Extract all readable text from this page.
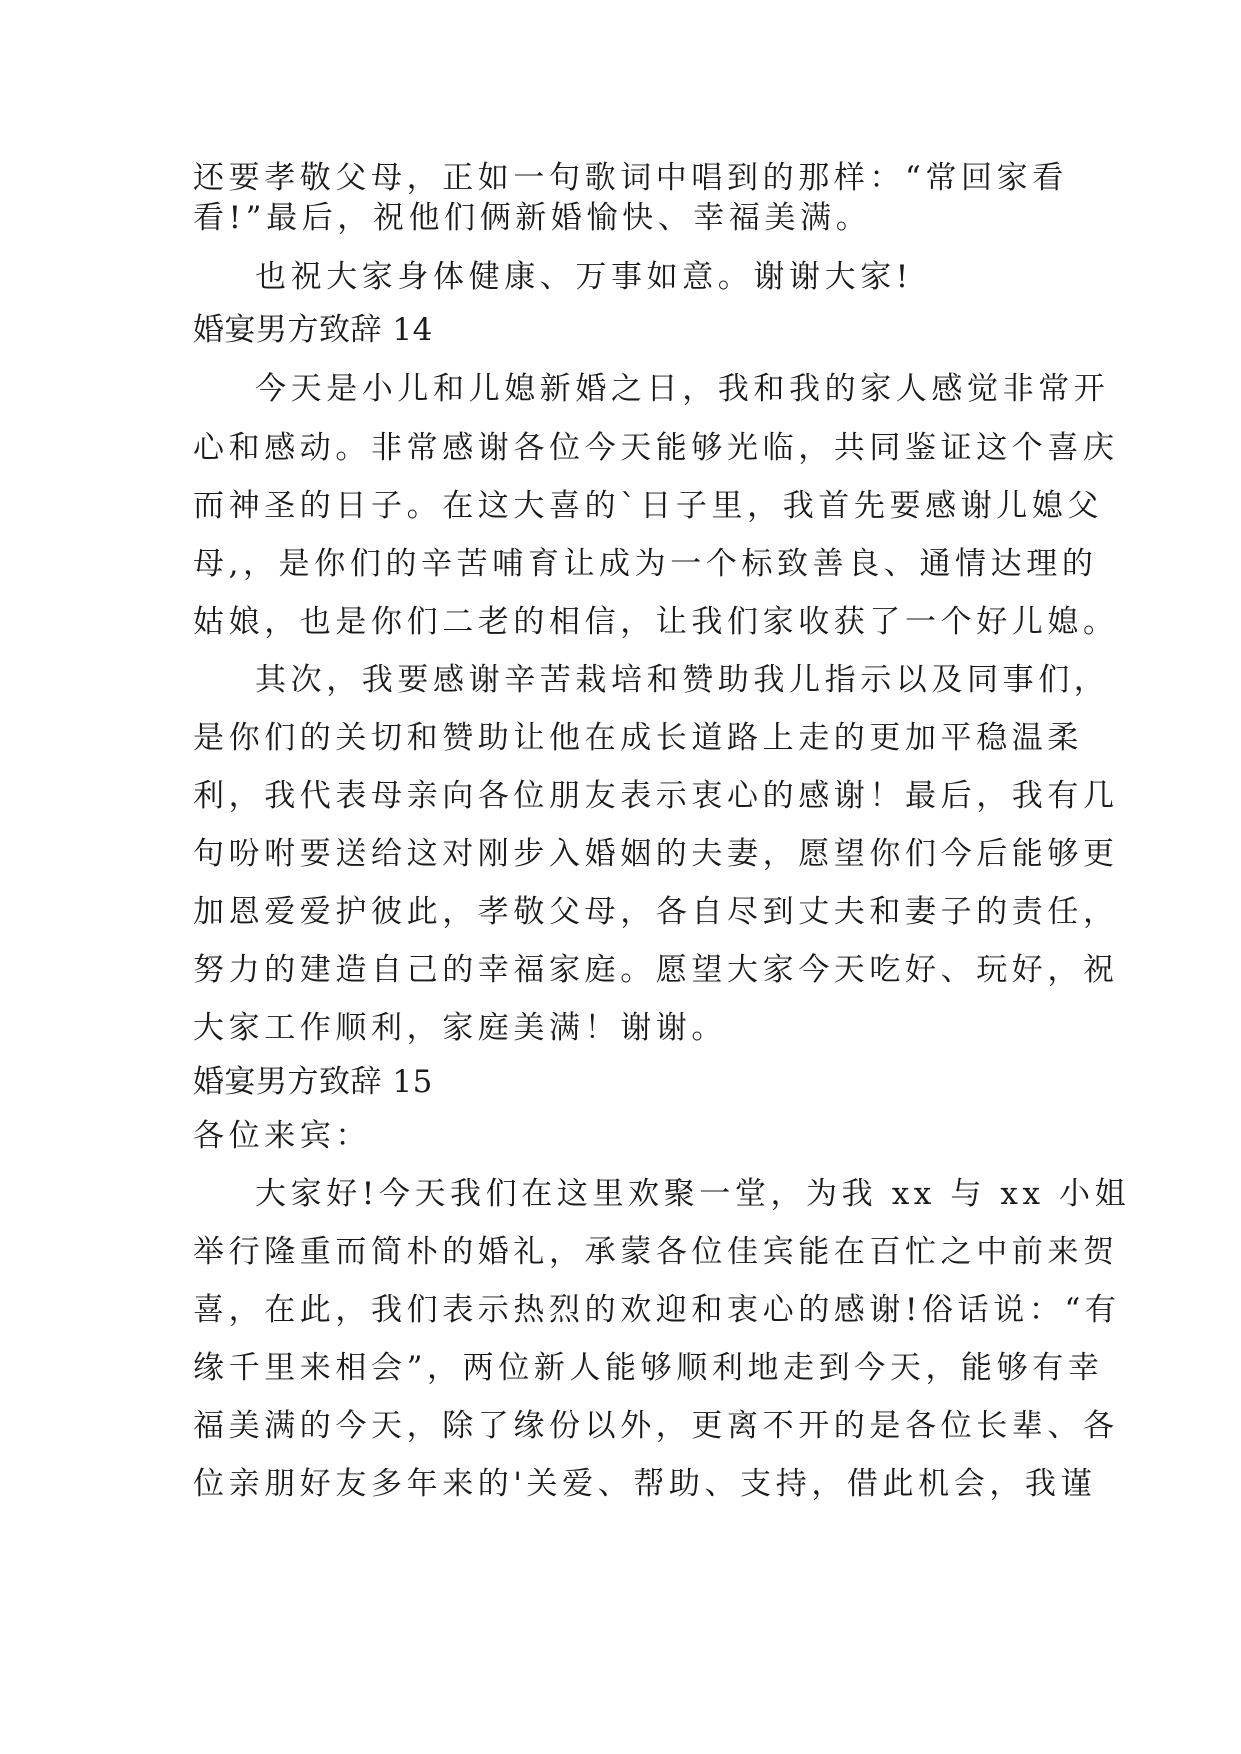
还要孝敬父母，正如一句歌词中唱到的那样：“常回家看
看!”最后，祝他们俩新婚愉快、幸福美满。
也祝大家身体健康、万事如意。谢谢大家!
婚宴男方致辞 14
今天是小儿和儿媳新婚之日，我和我的家人感觉非常开
心和感动。非常感谢各位今天能够光临，共同鉴证这个喜庆
而神圣的日子。在这大喜的`日子里，我首先要感谢儿媳父
母,，是你们的辛苦哺育让成为一个标致善良、通情达理的
姑娘，也是你们二老的相信，让我们家收获了一个好儿媳。
其次，我要感谢辛苦栽培和赞助我儿指示以及同事们，
是你们的关切和赞助让他在成长道路上走的更加平稳温柔
利，我代表母亲向各位朋友表示衷心的感谢！最后，我有几
句吩咐要送给这对刚步入婚姻的夫妻，愿望你们今后能够更
加恩爱爱护彼此，孝敬父母，各自尽到丈夫和妻子的责任，
努力的建造自己的幸福家庭。愿望大家今天吃好、玩好，祝
大家工作顺利，家庭美满！谢谢。
婚宴男方致辞 15
各位来宾：
大家好!今天我们在这里欢聚一堂，为我 xx 与 xx 小姐
举行隆重而简朴的婚礼，承蒙各位佳宾能在百忙之中前来贺
喜，在此，我们表示热烈的欢迎和衷心的感谢!俗话说：“有
缘千里来相会”，两位新人能够顺利地走到今天，能够有幸
福美满的今天，除了缘份以外，更离不开的是各位长辈、各
位亲朋好友多年来的'关爱、帮助、支持，借此机会，我谨
